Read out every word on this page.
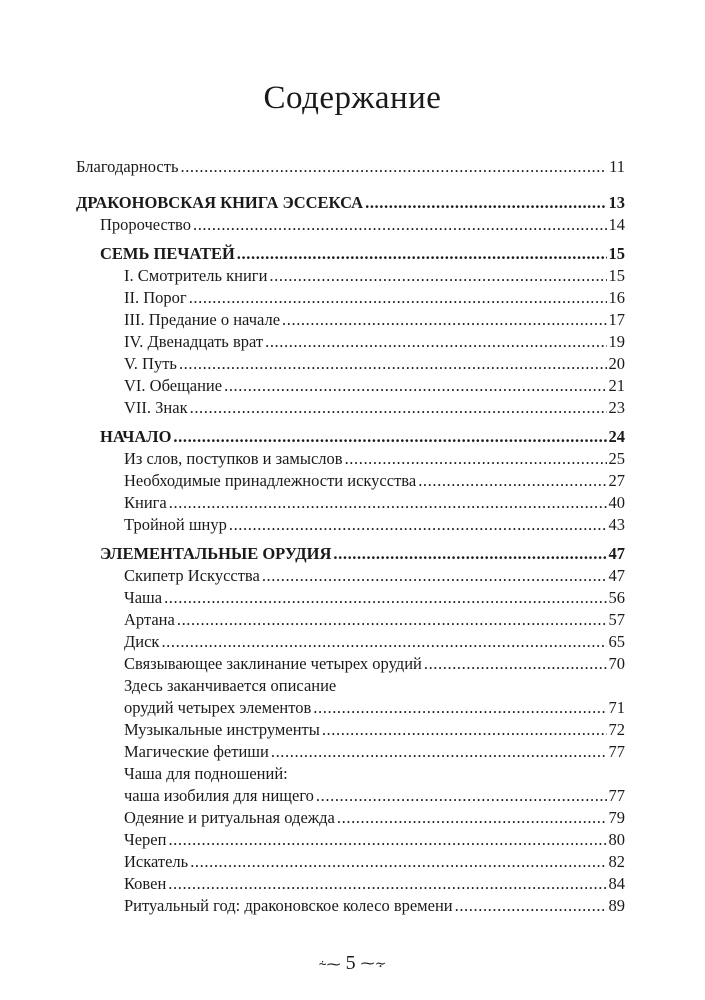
Содержание
Благодарность .....	11
ДРАКОНОВСКАЯ КНИГА ЭССЕКСА .....	13
Пророчество .....	14
СЕМЬ ПЕЧАТЕЙ .....	15
I. Смотритель книги .....	15
II. Порог .....	16
III. Предание о начале .....	17
IV. Двенадцать врат .....	19
V. Путь .....	20
VI. Обещание .....	21
VII. Знак .....	23
НАЧАЛО .....	24
Из слов, поступков и замыслов .....	25
Необходимые принадлежности искусства .....	27
Книга .....	40
Тройной шнур .....	43
ЭЛЕМЕНТАЛЬНЫЕ ОРУДИЯ .....	47
Скипетр Искусства .....	47
Чаша .....	56
Артана .....	57
Диск .....	65
Связывающее заклинание четырех орудий .....	70
Здесь заканчивается описание
орудий четырех элементов .....	71
Музыкальные инструменты .....	72
Магические фетиши .....	77
Чаша для подношений:
чаша изобилия для нищего .....	77
Одеяние и ритуальная одежда .....	79
Череп .....	80
Искатель .....	82
Ковен .....	84
Ритуальный год: драконовское колесо времени .....	89
⸞⁓ 5 ⁓⸟
